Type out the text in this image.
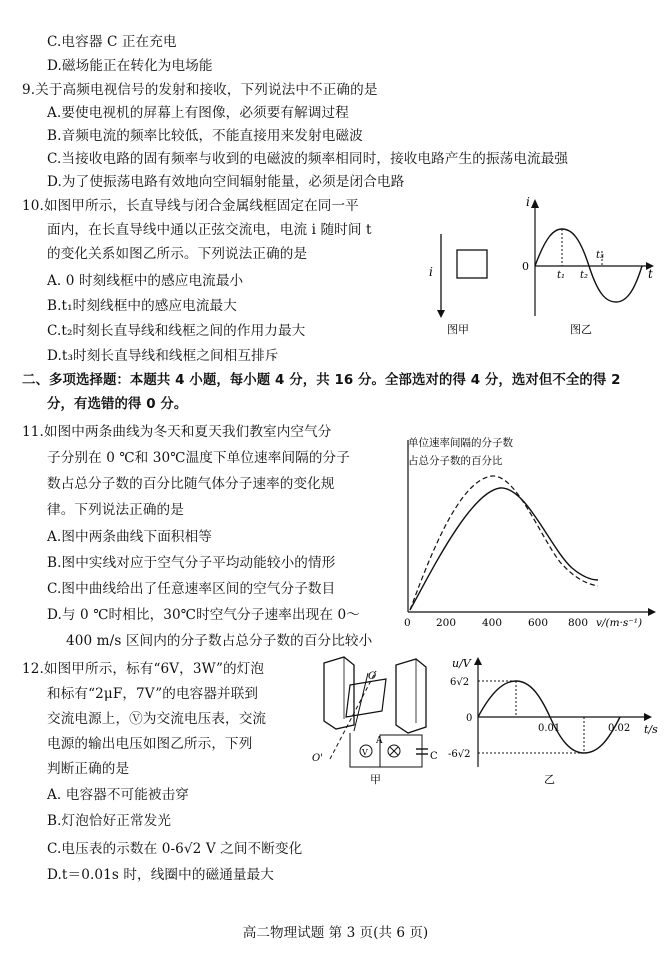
C.电容器 C 正在充电
D.磁场能正在转化为电场能
9.关于高频电视信号的发射和接收，下列说法中不正确的是
A.要使电视机的屏幕上有图像，必须要有解调过程
B.音频电流的频率比较低，不能直接用来发射电磁波
C.当接收电路的固有频率与收到的电磁波的频率相同时，接收电路产生的振荡电流最强
D.为了使振荡电路有效地向空间辐射能量，必须是闭合电路
10.如图甲所示，长直导线与闭合金属线框固定在同一平
面内，在长直导线中通以正弦交流电，电流 i 随时间 t
的变化关系如图乙所示。下列说法正确的是
A. 0 时刻线框中的感应电流最小
B.t₁时刻线框中的感应电流最大
C.t₂时刻长直导线和线框之间的作用力最大
D.t₃时刻长直导线和线框之间相互排斥
i
图甲
i
t
0
t₁ t₂
t₃
图乙
二、多项选择题：本题共 4 小题，每小题 4 分，共 16 分。全部选对的得 4 分，选对但不全的得 2
分，有选错的得 0 分。
11.如图中两条曲线为冬天和夏天我们教室内空气分
子分别在 0 ℃和 30℃温度下单位速率间隔的分子
数占总分子数的百分比随气体分子速率的变化规
律。下列说法正确的是
A.图中两条曲线下面积相等
B.图中实线对应于空气分子平均动能较小的情形
C.图中曲线给出了任意速率区间的空气分子数目
D.与 0 ℃时相比，30℃时空气分子速率出现在 0～
400 m/s 区间内的分子数占总分子数的百分比较小
单位速率间隔的分子数
占总分子数的百分比
0 200 400 600 800 v/(m·s⁻¹)
12.如图甲所示，标有“6V，3W”的灯泡
和标有“2μF，7V”的电容器并联到
交流电源上，Ⓥ为交流电压表，交流
电源的输出电压如图乙所示，下列
判断正确的是
A. 电容器不可能被击穿
B.灯泡恰好正常发光
C.电压表的示数在 0-6√2 V 之间不断变化
D.t＝0.01s 时，线圈中的磁通量最大
V
O
O'
A
C
甲
u/V
t/s
6√2
-6√2
0
0.01	0.02
乙
高二物理试题 第 3 页(共 6 页)
